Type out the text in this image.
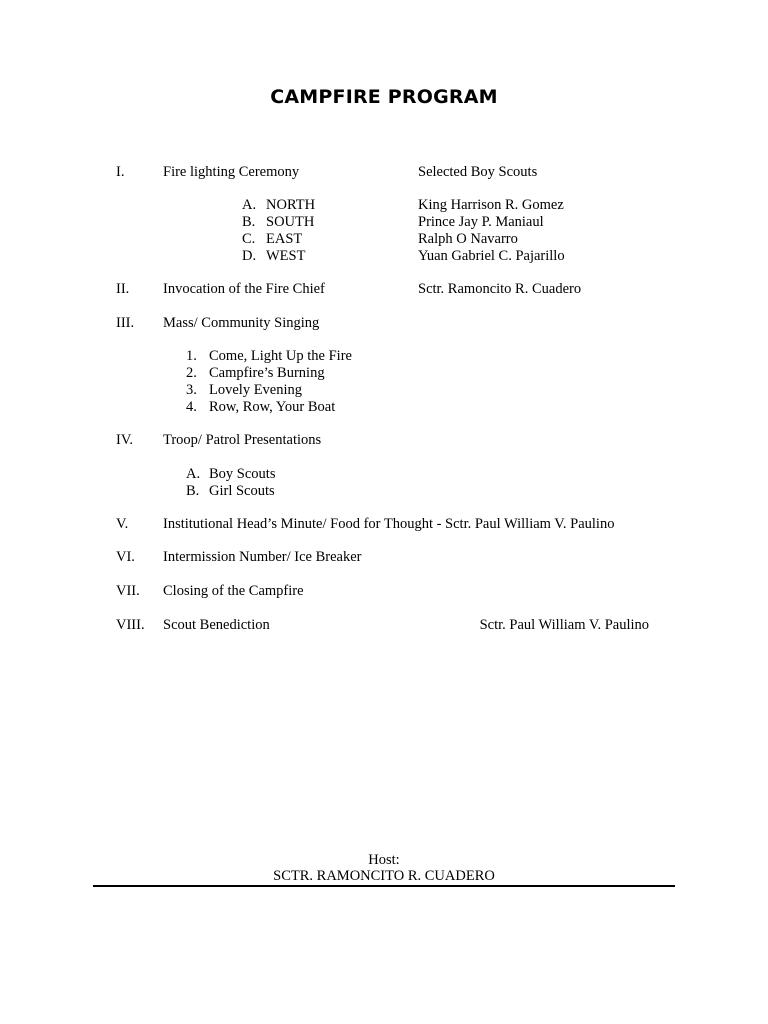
CAMPFIRE PROGRAM
I.	Fire lighting Ceremony	Selected Boy Scouts
A. NORTH	King Harrison R. Gomez
B. SOUTH	Prince Jay P. Maniaul
C. EAST	Ralph O Navarro
D. WEST	Yuan Gabriel C. Pajarillo
II. Invocation of the Fire Chief	Sctr. Ramoncito R. Cuadero
III. Mass/ Community Singing
1. Come, Light Up the Fire
2. Campfire’s Burning
3. Lovely Evening
4. Row, Row, Your Boat
IV. Troop/ Patrol Presentations
A. Boy Scouts
B. Girl Scouts
V. Institutional Head’s Minute/ Food for Thought - Sctr. Paul William V. Paulino
VI. Intermission Number/ Ice Breaker
VII. Closing of the Campfire
VIII. Scout Benediction	Sctr. Paul William V. Paulino
Host:
SCTR. RAMONCITO R. CUADERO
